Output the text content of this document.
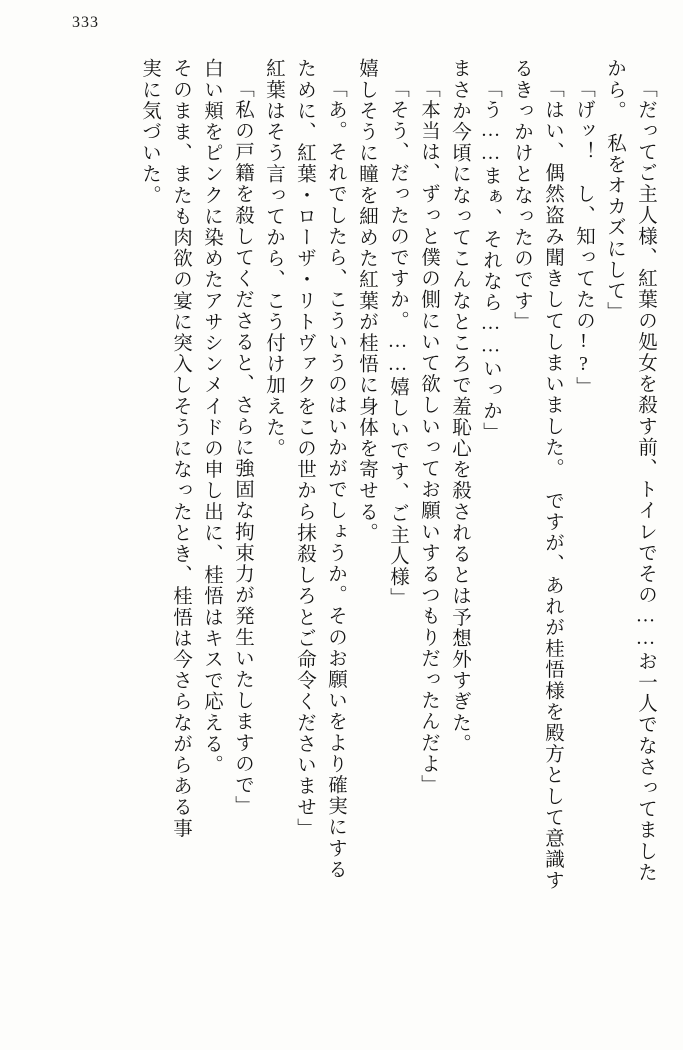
333
「だってご主人様、紅葉の処女を殺す前、トイレでその……お一人でなさってました
から。　私をオカズにして」
「げッ！　し、知ってたの!?」
「はい、偶然盗み聞きしてしまいました。　ですが、あれが桂悟様を殿方として意識す
るきっかけとなったのです」
「う……まぁ、それなら……いっか」
まさか今頃になってこんなところで羞恥心を殺されるとは予想外すぎた。
「本当は、ずっと僕の側にいて欲しいってお願いするつもりだったんだよ」
「そう、だったのですか。……嬉しいです、ご主人様」
嬉しそうに瞳を細めた紅葉が桂悟に身体を寄せる。
「あ。それでしたら、こういうのはいかがでしょうか。そのお願いをより確実にする
ために、紅葉・ローザ・リトヴァクをこの世から抹殺しろとご命令くださいませ」
紅葉はそう言ってから、こう付け加えた。
「私の戸籍を殺してくださると、さらに強固な拘束力が発生いたしますので」
白い頬をピンクに染めたアサシンメイドの申し出に、桂悟はキスで応える。
そのまま、またも肉欲の宴に突入しそうになったとき、桂悟は今さらながらある事
実に気づいた。
